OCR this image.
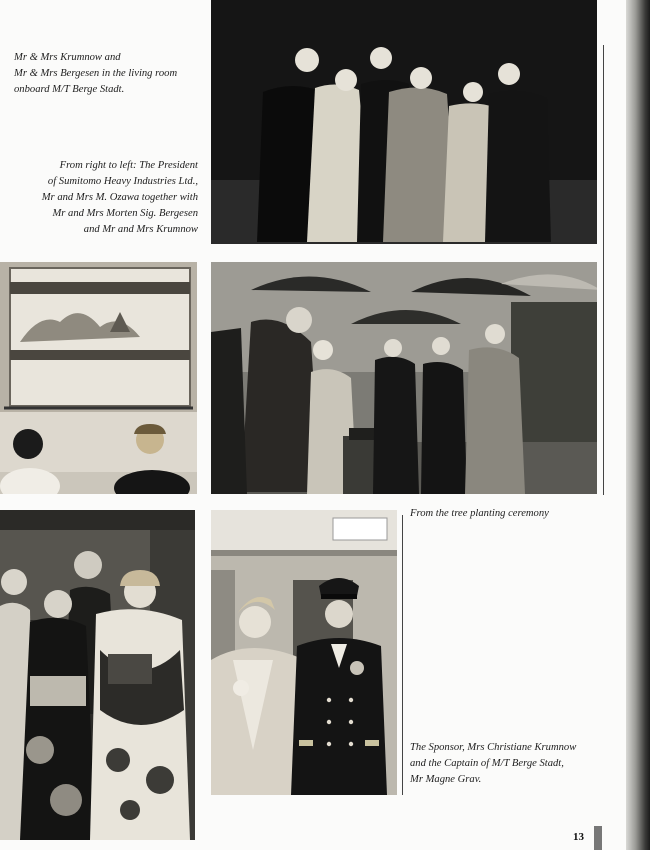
Mr & Mrs Krumnow and
Mr & Mrs Bergesen in the living room
onboard M/T Berge Stadt.
From right to left: The President
of Sumitomo Heavy Industries Ltd.,
Mr and Mrs M. Ozawa together with
Mr and Mrs Morten Sig. Bergesen
and Mr and Mrs Krumnow
From the tree planting ceremony
The Sponsor, Mrs Christiane Krumnow
and the Captain of M/T Berge Stadt,
Mr Magne Grav.
13
